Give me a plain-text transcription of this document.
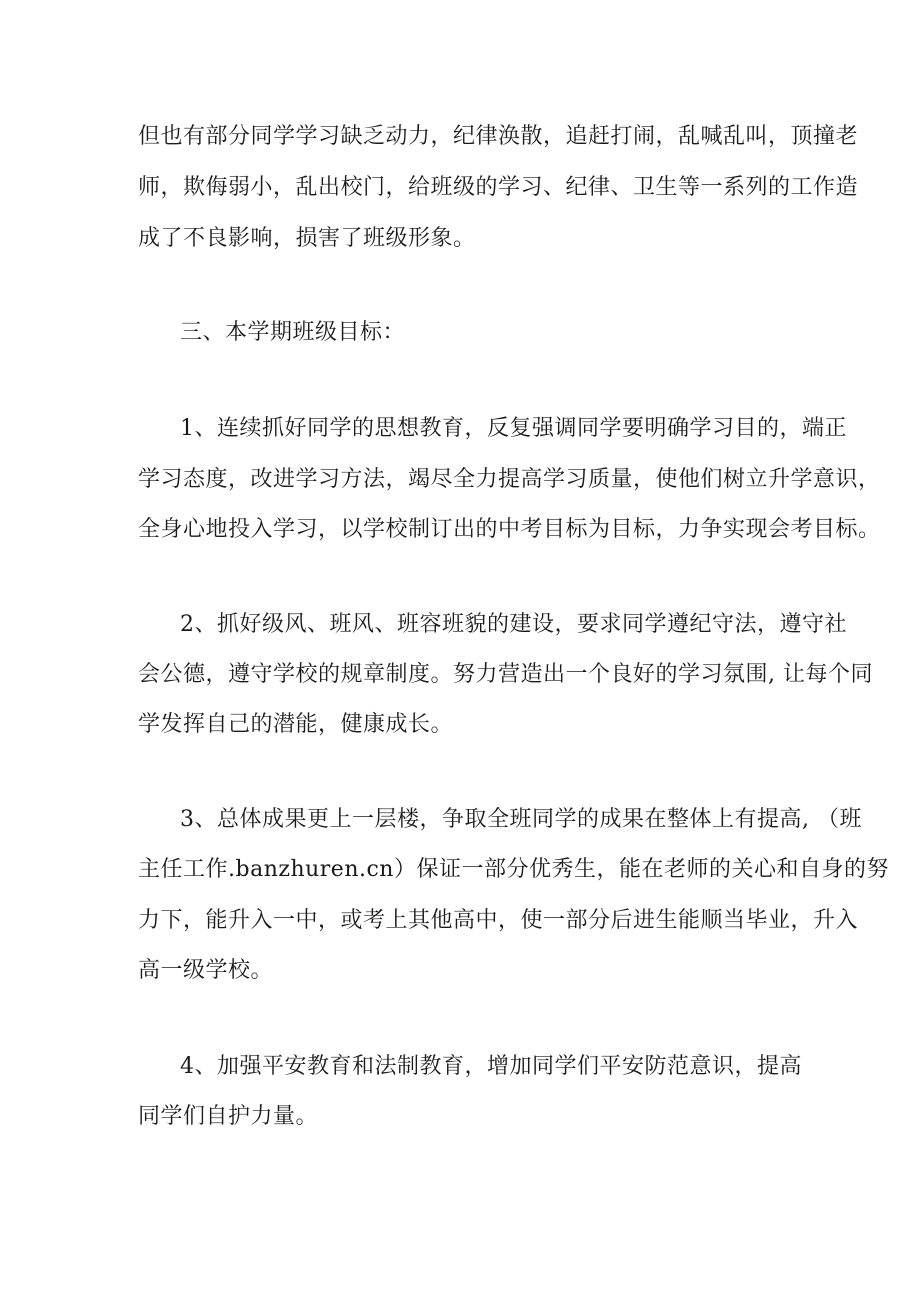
但也有部分同学学习缺乏动力，纪律涣散，追赶打闹，乱喊乱叫，顶撞老
师，欺侮弱小，乱出校门，给班级的学习、纪律、卫生等一系列的工作造
成了不良影响，损害了班级形象。
三、本学期班级目标：
1、连续抓好同学的思想教育，反复强调同学要明确学习目的，端正
学习态度，改进学习方法，竭尽全力提高学习质量，使他们树立升学意识，
全身心地投入学习，以学校制订出的中考目标为目标，力争实现会考目标。
2、抓好级风、班风、班容班貌的建设，要求同学遵纪守法，遵守社
会公德，遵守学校的规章制度。努力营造出一个良好的学习氛围, 让每个同
学发挥自己的潜能，健康成长。
3、总体成果更上一层楼，争取全班同学的成果在整体上有提高, （班
主任工作.banzhuren.cn）保证一部分优秀生，能在老师的关心和自身的努
力下，能升入一中，或考上其他高中，使一部分后进生能顺当毕业，升入
高一级学校。
4、加强平安教育和法制教育，增加同学们平安防范意识，提高
同学们自护力量。
